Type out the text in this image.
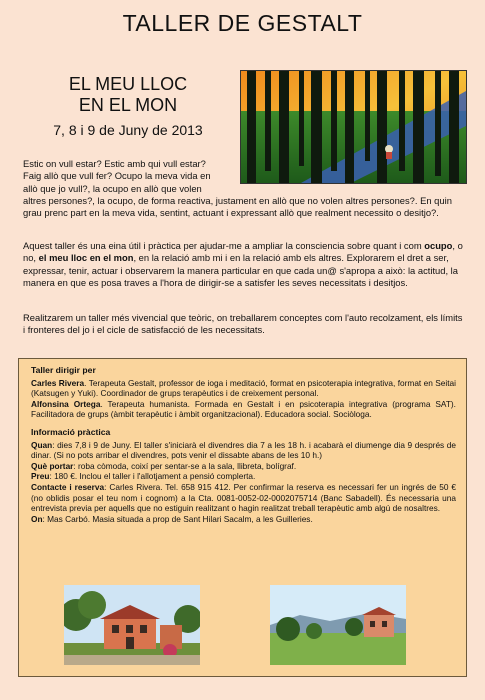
TALLER DE GESTALT
EL MEU LLOC
EN EL MON
7, 8 i 9 de Juny de 2013

Estic on vull estar? Estic amb qui vull estar?

Faig allò que vull fer? Ocupo la meva vida en

allò que jo vull?, la ocupo en allò que volen

altres persones?, la ocupo, de forma reactiva, justament en allò que no volen altres persones?. En quin grau prenc part en la meva vida, sentint, actuant i expressant allò que realment necessito o desitjo?.

Aquest taller és una eina útil i pràctica per ajudar-me a ampliar la consciencia sobre quant i com ocupo, o no, el meu lloc en el mon, en la relació amb mi i en la relació amb els altres. Explorarem el dret a ser, expressar, tenir, actuar i observarem la manera particular en que cada un@ s'apropa a això: la actitud, la manera en que es posa traves a l'hora de dirigir-se a satisfer les seves necessitats i desitjos.

Realitzarem un taller més vivencial que teòric, on treballarem conceptes com l'auto recolzament, els límits i fronteres del jo i el cicle de satisfacció de les necessitats.

Taller dirigir per

Carles Rivera. Terapeuta Gestalt, professor de ioga i meditació, format en psicoterapia integrativa, format en Seitai (Katsugen y Yuki). Coordinador de grups terapèutics i de creixement personal.

Alfonsina Ortega. Terapeuta humanista. Formada en Gestalt i en psicoterapia integrativa (programa SAT). Facilitadora de grups (àmbit terapèutic i àmbit organitzacional). Educadora social. Sociòloga.

Informació pràctica

Quan: dies 7,8 i 9 de Juny. El taller s'iniciarà el divendres dia 7 a les 18 h. i acabarà el diumenge dia 9 després de dinar. (Si no pots arribar el divendres, pots venir el dissabte abans de les 10 h.)

Què portar: roba còmoda, coixí per sentar-se a la sala, llibreta, bolígraf.

Preu: 180 €. Inclou el taller i l'allotjament a pensió complerta.

Contacte i reserva: Carles Rivera. Tel. 658 915 412. Per confirmar la reserva es necessari fer un ingrés de 50 € (no oblidis posar el teu nom i cognom) a la Cta. 0081-0052-02-0002075714 (Banc Sabadell). És necessaria una entrevista previa per aquells que no estiguin realitzant o hagin realitzat treball terapèutic amb algú de nosaltres.

On: Mas Carbó. Masia situada a prop de Sant Hilari Sacalm, a les Guilleries.
